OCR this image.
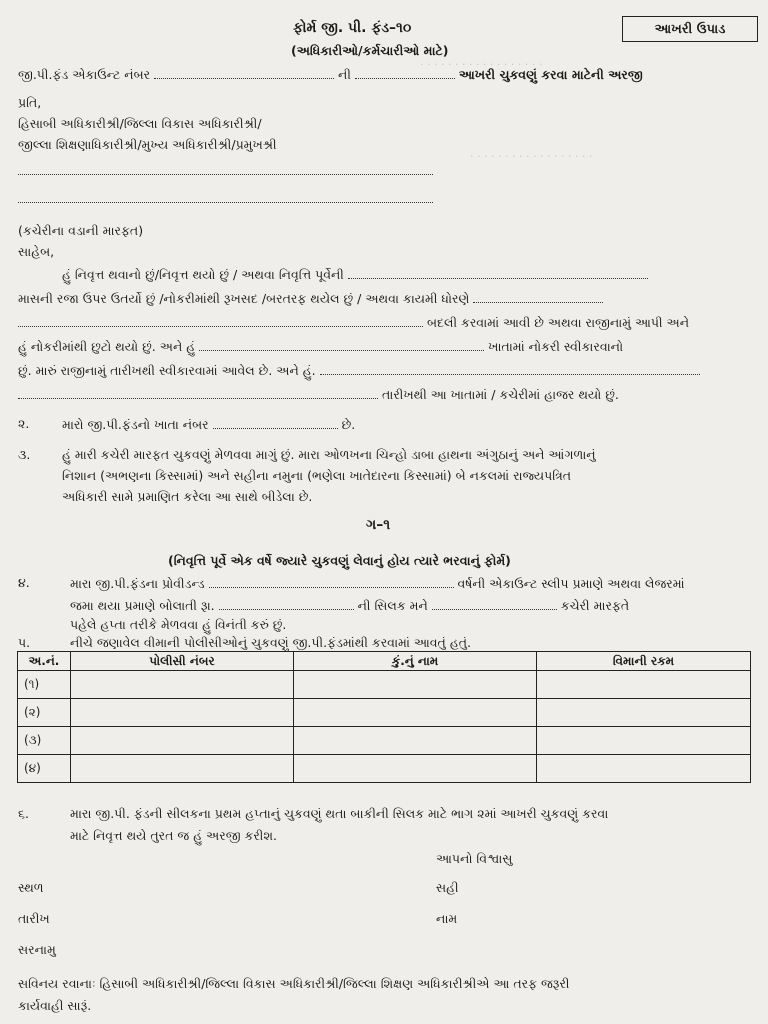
· · · · · · · · · · · · · · · · · ·
· · · · · · · · · · · · · · · · · ·
ફોર્મ જી. પી. ફંડ–૧૦	આખરી ઉપાડ
(અધિકારીઓ/કર્મચારીઓ માટે)
જી.પી.ફંડ એકાઉન્ટ નંબર	ની	આખરી ચુકવણું કરવા માટેની અરજી
પ્રતિ,
હિસાબી અધિકારીશ્રી/જિલ્લા વિકાસ અધિકારીશ્રી/
જીલ્લા શિક્ષણાધિકારીશ્રી/મુખ્ય અધિકારીશ્રી/પ્રમુખશ્રી
(કચેરીના વડાની મારફત)
સાહેબ,
હું નિવૃત્ત થવાનો છું/નિવૃત્ત થયો છું / અથવા નિવૃત્તિ પૂર્વેની
માસની રજા ઉપર ઉતર્યો છું /નોકરીમાંથી રૂખસદ /બરતરફ થયેલ છું / અથવા કાયમી ધોરણે
બદલી કરવામાં આવી છે અથવા રાજીનામું આપી અને
હું નોકરીમાંથી છુટો થયો છું. અને હું	ખાતામાં નોકરી સ્વીકારવાનો
છું. મારું રાજીનામું તારીખથી સ્વીકારવામાં આવેલ છે. અને હું.
તારીખથી આ ખાતામાં / કચેરીમાં હાજર થયો છું.
૨.	મારો જી.પી.ફંડનો ખાતા નંબર	છે.
૩.	હું મારી કચેરી મારફત ચુકવણું મેળવવા માગું છું. મારા ઓળખના ચિન્હો ડાબા હાથના અંગુઠાનું અને આંગળાનું
નિશાન (અભણના કિસ્સામાં) અને સહીના નમુના (ભણેલા ખાતેદારના કિસ્સામાં) બે નકલમાં રાજ્યપત્રિત
અધિકારી સામે પ્રમાણિત કરેલા આ સાથે બીડેલા છે.
ગ–૧
(નિવૃત્તિ પૂર્વે એક વર્ષે જ્યારે ચુકવણું લેવાનું હોય ત્યારે ભરવાનું ફોર્મ)
૪.	મારા જી.પી.ફંડના પ્રોવીડન્ડ	વર્ષની એકાઉન્ટ સ્લીપ પ્રમાણે અથવા લેજરમાં
જમા થયા પ્રમાણે બોલાતી રૂા.	ની સિલક મને	કચેરી મારફતે
પહેલે હપ્તા તરીકે મેળવવા હું વિનંતી કરું છું.
પ.	નીચે જણાવેલ વીમાની પોલીસીઓનું ચુકવણું જી.પી.ફંડમાંથી કરવામાં આવતું હતું.
અ.નં.	પોલીસી નંબર	કું.નું નામ	વિમાની રકમ
(૧)			
(૨)			
(૩)			
(૪)			
૬.	મારા જી.પી. ફંડની સીલકના પ્રથમ હપ્તાનું ચુકવણું થતા બાકીની સિલક માટે ભાગ ૨માં આખરી ચુકવણું કરવા
માટે નિવૃત્ત થયે તુરત જ હું અરજી કરીશ.
આપનો વિશ્વાસુ
સ્થળ	સહી
તારીખ	નામ
સરનામુ
સવિનય રવાનાઃ હિસાબી અધિકારીશ્રી/જિલ્લા વિકાસ અધિકારીશ્રી/જિલ્લા શિક્ષણ અધિકારીશ્રીએ આ તરફ જરૂરી
કાર્યવાહી સારૂં.
